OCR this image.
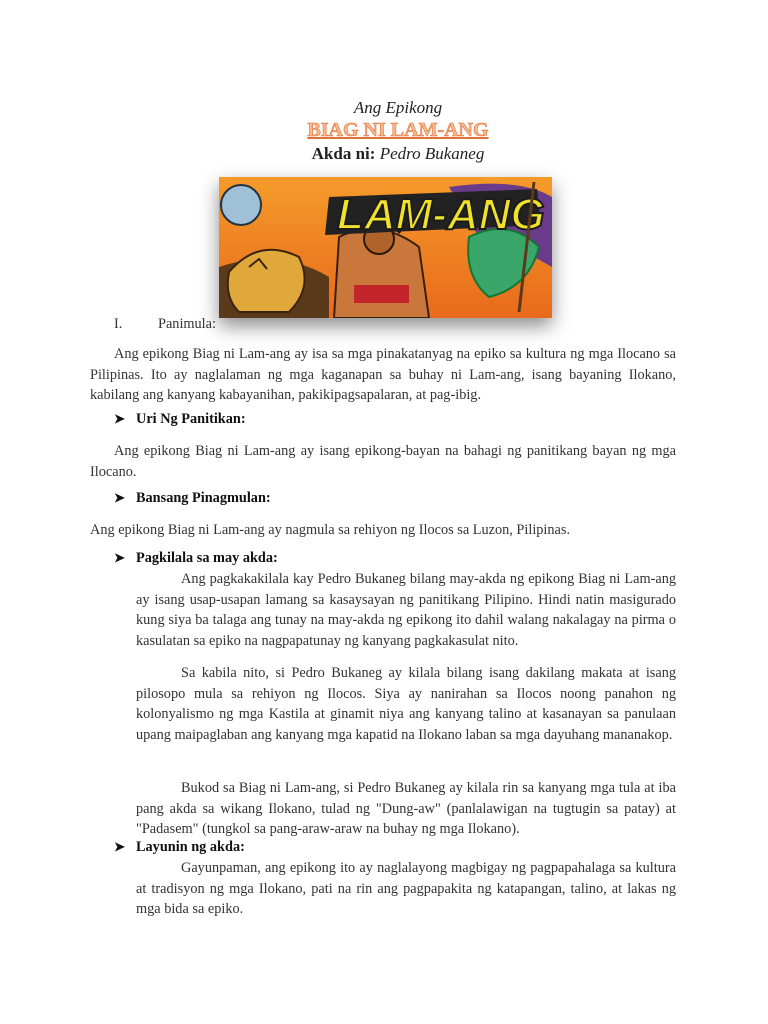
Ang Epikong
BIAG NI LAM-ANG
Akda ni: Pedro Bukaneg
LAM-ANG
I. Panimula:
Ang epikong Biag ni Lam-ang ay isa sa mga pinakatanyag na epiko sa kultura ng mga Ilocano sa Pilipinas. Ito ay naglalaman ng mga kaganapan sa buhay ni Lam-ang, isang bayaning Ilokano, kabilang ang kanyang kabayanihan, pakikipagsapalaran, at pag-ibig.
➤ Uri Ng Panitikan:
Ang epikong Biag ni Lam-ang ay isang epikong-bayan na bahagi ng panitikang bayan ng mga Ilocano.
➤ Bansang Pinagmulan:
Ang epikong Biag ni Lam-ang ay nagmula sa rehiyon ng Ilocos sa Luzon, Pilipinas.
➤ Pagkilala sa may akda:
Ang pagkakakilala kay Pedro Bukaneg bilang may-akda ng epikong Biag ni Lam-ang ay isang usap-usapan lamang sa kasaysayan ng panitikang Pilipino. Hindi natin masigurado kung siya ba talaga ang tunay na may-akda ng epikong ito dahil walang nakalagay na pirma o kasulatan sa epiko na nagpapatunay ng kanyang pagkakasulat nito.
Sa kabila nito, si Pedro Bukaneg ay kilala bilang isang dakilang makata at isang pilosopo mula sa rehiyon ng Ilocos. Siya ay nanirahan sa Ilocos noong panahon ng kolonyalismo ng mga Kastila at ginamit niya ang kanyang talino at kasanayan sa panulaan upang maipaglaban ang kanyang mga kapatid na Ilokano laban sa mga dayuhang mananakop.
Bukod sa Biag ni Lam-ang, si Pedro Bukaneg ay kilala rin sa kanyang mga tula at iba pang akda sa wikang Ilokano, tulad ng "Dung-aw" (panlalawigan na tugtugin sa patay) at "Padasem" (tungkol sa pang-araw-araw na buhay ng mga Ilokano).
➤ Layunin ng akda:
Gayunpaman, ang epikong ito ay naglalayong magbigay ng pagpapahalaga sa kultura at tradisyon ng mga Ilokano, pati na rin ang pagpapakita ng katapangan, talino, at lakas ng mga bida sa epiko.
